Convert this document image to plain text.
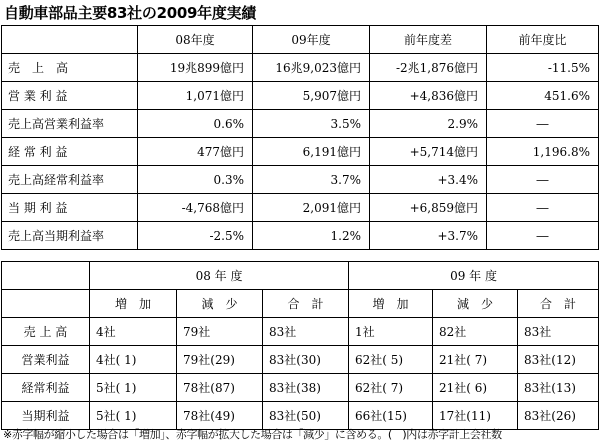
自動車部品主要83社の2009年度実績
	08年度	09年度	前年度差	前年度比
売　上　高	19兆899億円	16兆9,023億円	-2兆1,876億円	-11.5%
営 業 利 益	1,071億円	5,907億円	+4,836億円	451.6%
売上高営業利益率	0.6%	3.5%	2.9%	―
経 常 利 益	477億円	6,191億円	+5,714億円	1,196.8%
売上高経常利益率	0.3%	3.7%	+3.4%	―
当 期 利 益	-4,768億円	2,091億円	+6,859億円	―
売上高当期利益率	-2.5%	1.2%	+3.7%	―
	08 年 度			09 年 度		
	増　加	減　少	合　計	増　加	減　少	合　計
売 上 高	4社	79社	83社	1社	82社	83社
営業利益	4社( 1)	79社(29)	83社(30)	62社( 5)	21社( 7)	83社(12)
経常利益	5社( 1)	78社(87)	83社(38)	62社( 7)	21社( 6)	83社(13)
当期利益	5社( 1)	78社(49)	83社(50)	66社(15)	17社(11)	83社(26)
※赤字幅が縮小した場合は「増加」、赤字幅が拡大した場合は「減少」に含める。(　)内は赤字計上会社数
